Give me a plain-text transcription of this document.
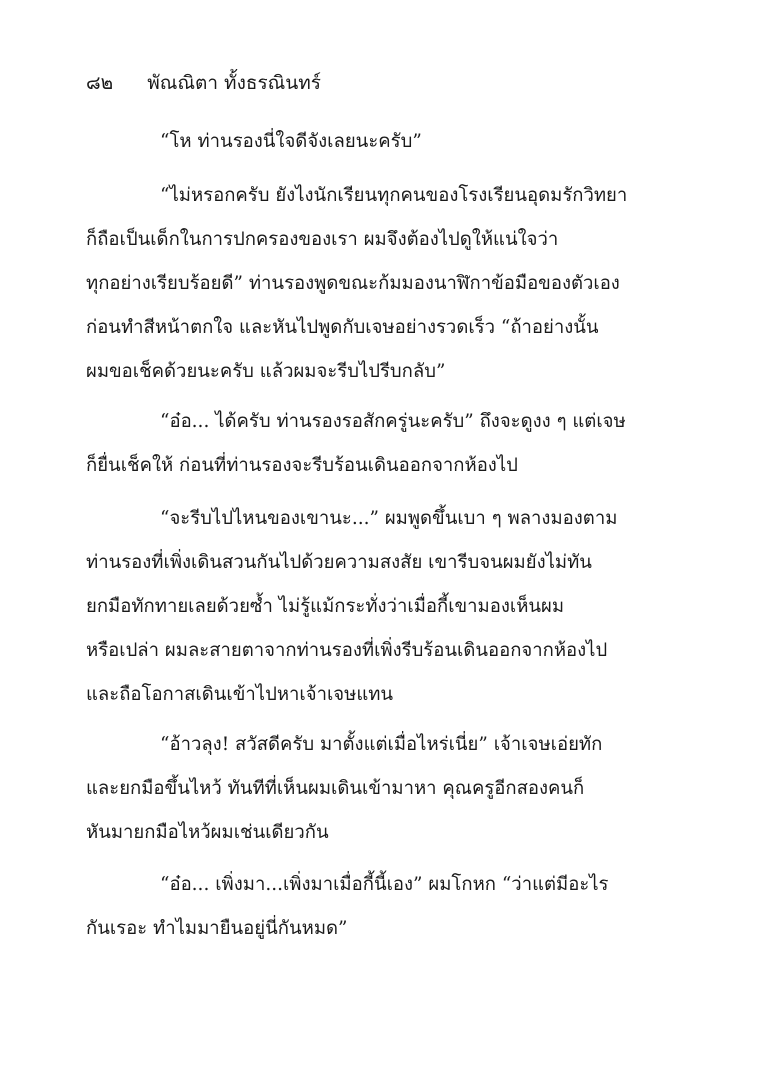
๘๒ พัณณิตา ทั้งธรณินทร์
“โห ท่านรองนี่ใจดีจังเลยนะครับ”
“ไม่หรอกครับ ยังไงนักเรียนทุกคนของโรงเรียนอุดมรักวิทยา
ก็ถือเป็นเด็กในการปกครองของเรา ผมจึงต้องไปดูให้แน่ใจว่า
ทุกอย่างเรียบร้อยดี” ท่านรองพูดขณะก้มมองนาฬิกาข้อมือของตัวเอง
ก่อนทำสีหน้าตกใจ และหันไปพูดกับเจษอย่างรวดเร็ว “ถ้าอย่างนั้น
ผมขอเช็คด้วยนะครับ แล้วผมจะรีบไปรีบกลับ”
“อ๋อ... ได้ครับ ท่านรองรอสักครู่นะครับ” ถึงจะดูงง ๆ แต่เจษ
ก็ยื่นเช็คให้ ก่อนที่ท่านรองจะรีบร้อนเดินออกจากห้องไป
“จะรีบไปไหนของเขานะ...” ผมพูดขึ้นเบา ๆ พลางมองตาม
ท่านรองที่เพิ่งเดินสวนกันไปด้วยความสงสัย เขารีบจนผมยังไม่ทัน
ยกมือทักทายเลยด้วยซ้ำ ไม่รู้แม้กระทั่งว่าเมื่อกี้เขามองเห็นผม
หรือเปล่า ผมละสายตาจากท่านรองที่เพิ่งรีบร้อนเดินออกจากห้องไป
และถือโอกาสเดินเข้าไปหาเจ้าเจษแทน
“อ้าวลุง! สวัสดีครับ มาตั้งแต่เมื่อไหร่เนี่ย” เจ้าเจษเอ่ยทัก
และยกมือขึ้นไหว้ ทันทีที่เห็นผมเดินเข้ามาหา คุณครูอีกสองคนก็
หันมายกมือไหว้ผมเช่นเดียวกัน
“อ๋อ... เพิ่งมา...เพิ่งมาเมื่อกี้นี้เอง” ผมโกหก “ว่าแต่มีอะไร
กันเรอะ ทำไมมายืนอยู่นี่กันหมด”
